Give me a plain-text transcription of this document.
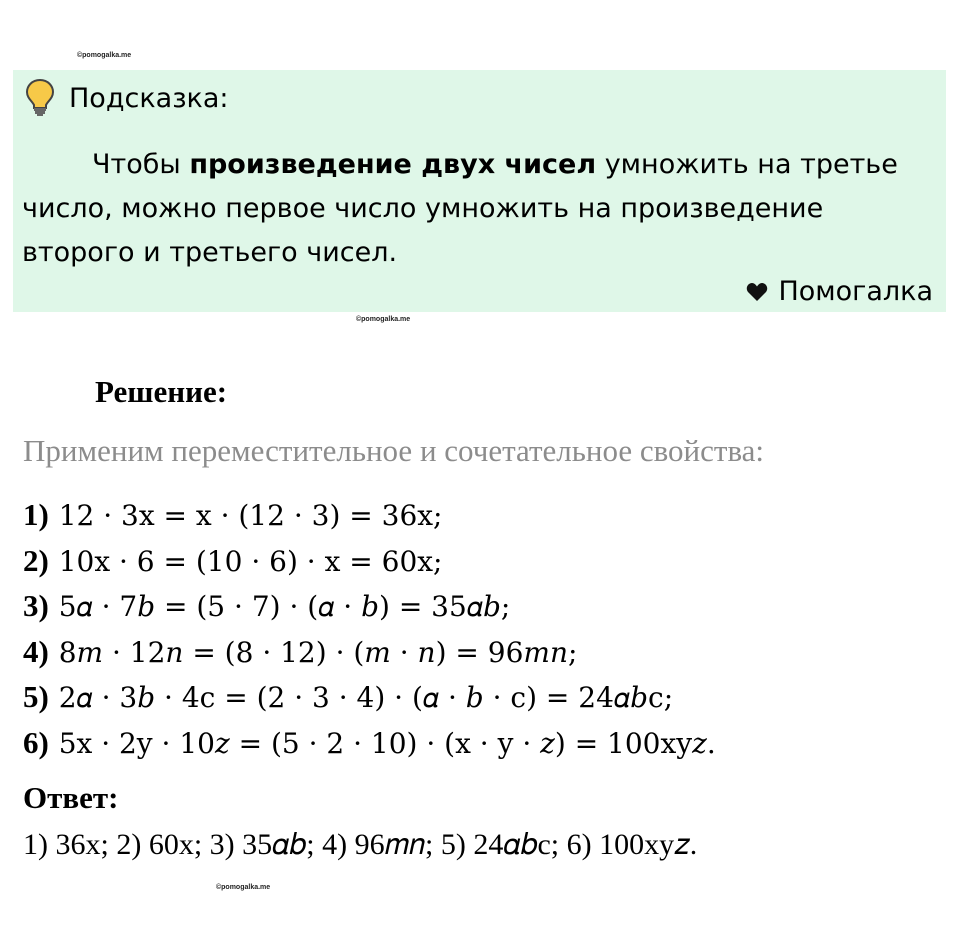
©pomogalka.me
Подсказка:
Чтобы произведение двух чисел умножить на третье число, можно первое число умножить на произведение второго и третьего чисел.
Помогалка
©pomogalka.me
Решение:
Применим переместительное и сочетательное свойства:
1) 12 · 3x = x · (12 · 3) = 36x;
2) 10x · 6 = (10 · 6) · x = 60x;
3) 5𝛼 · 7𝑏 = (5 · 7) · (𝛼 · 𝑏) = 35𝛼𝑏;
4) 8𝑚 · 12𝑛 = (8 · 12) · (𝑚 · 𝑛) = 96𝑚𝑛;
5) 2𝛼 · 3𝑏 · 4c = (2 · 3 · 4) · (𝛼 · 𝑏 · c) = 24𝛼𝑏c;
6) 5x · 2y · 10𝑧 = (5 · 2 · 10) · (x · y · 𝑧) = 100xy𝑧.
Ответ:
1) 36x; 2) 60x; 3) 35𝛼𝑏; 4) 96𝑚𝑛; 5) 24𝛼𝑏c; 6) 100xy𝑧.
©pomogalka.me
